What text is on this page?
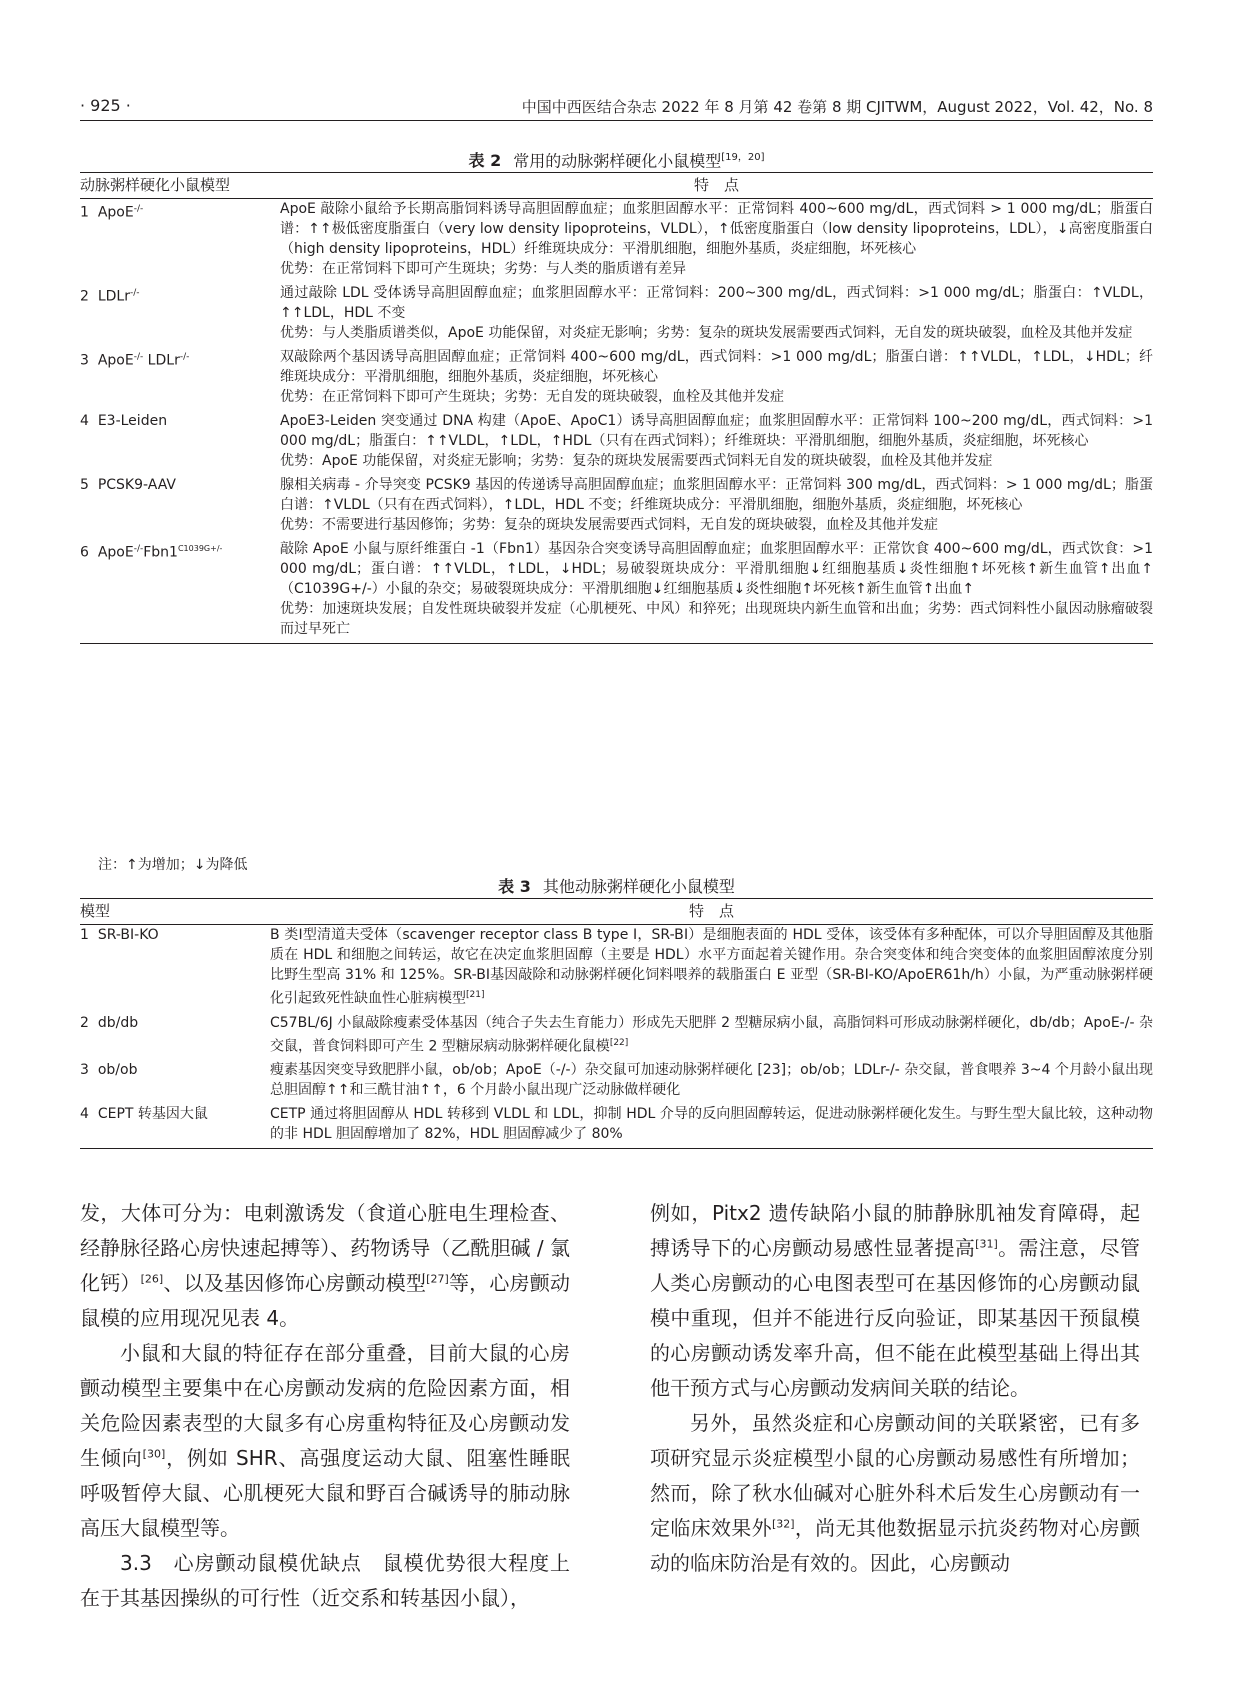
· 925 ·	中国中西医结合杂志 2022 年 8 月第 42 卷第 8 期 CJITWM，August 2022，Vol. 42，No. 8
表 2 常用的动脉粥样硬化小鼠模型[19，20]
动脉粥样硬化小鼠模型	特　点
1 ApoE-/-	ApoE 敲除小鼠给予长期高脂饲料诱导高胆固醇血症；血浆胆固醇水平：正常饲料 400~600 mg/dL，西式饲料 > 1 000 mg/dL；脂蛋白谱：↑↑极低密度脂蛋白（very low density lipoproteins，VLDL），↑低密度脂蛋白（low density lipoproteins，LDL），↓高密度脂蛋白（high density lipoproteins，HDL）纤维斑块成分：平滑肌细胞，细胞外基质，炎症细胞，坏死核心
优势：在正常饲料下即可产生斑块；劣势：与人类的脂质谱有差异

2 LDLr-/-	通过敲除 LDL 受体诱导高胆固醇血症；血浆胆固醇水平：正常饲料：200~300 mg/dL，西式饲料：>1 000 mg/dL；脂蛋白：↑VLDL，↑↑LDL，HDL 不变
优势：与人类脂质谱类似，ApoE 功能保留，对炎症无影响；劣势：复杂的斑块发展需要西式饲料，无自发的斑块破裂，血栓及其他并发症

3 ApoE-/- LDLr-/-	双敲除两个基因诱导高胆固醇血症；正常饲料 400~600 mg/dL，西式饲料：>1 000 mg/dL；脂蛋白谱：↑↑VLDL，↑LDL，↓HDL；纤维斑块成分：平滑肌细胞，细胞外基质，炎症细胞，坏死核心
优势：在正常饲料下即可产生斑块；劣势：无自发的斑块破裂，血栓及其他并发症

4 E3-Leiden	ApoE3-Leiden 突变通过 DNA 构建（ApoE、ApoC1）诱导高胆固醇血症；血浆胆固醇水平：正常饲料 100~200 mg/dL，西式饲料：>1 000 mg/dL；脂蛋白：↑↑VLDL，↑LDL，↑HDL（只有在西式饲料）；纤维斑块：平滑肌细胞，细胞外基质，炎症细胞，坏死核心
优势：ApoE 功能保留，对炎症无影响；劣势：复杂的斑块发展需要西式饲料无自发的斑块破裂，血栓及其他并发症

5 PCSK9-AAV	腺相关病毒 - 介导突变 PCSK9 基因的传递诱导高胆固醇血症；血浆胆固醇水平：正常饲料 300 mg/dL，西式饲料：> 1 000 mg/dL；脂蛋白谱：↑VLDL（只有在西式饲料），↑LDL，HDL 不变；纤维斑块成分：平滑肌细胞，细胞外基质，炎症细胞，坏死核心
优势：不需要进行基因修饰；劣势：复杂的斑块发展需要西式饲料，无自发的斑块破裂，血栓及其他并发症

6 $ApoE^{-/-}Fbn1^{C1039G+/-}$	敲除 ApoE 小鼠与原纤维蛋白 -1（Fbn1）基因杂合突变诱导高胆固醇血症；血浆胆固醇水平：正常饮食 400~600 mg/dL，西式饮食：>1 000 mg/dL；蛋白谱：↑↑VLDL，↑LDL，↓HDL；易破裂斑块成分：平滑肌细胞↓红细胞基质↓炎性细胞↑坏死核↑新生血管↑出血↑（C1039G+/-）小鼠的杂交；易破裂斑块成分：平滑肌细胞↓红细胞基质↓炎性细胞↑坏死核↑新生血管↑出血↑
优势：加速斑块发展；自发性斑块破裂并发症（心肌梗死、中风）和猝死；出现斑块内新生血管和出血；劣势：西式饲料性小鼠因动脉瘤破裂而过早死亡
注：↑为增加；↓为降低
表 3 其他动脉粥样硬化小鼠模型
模型	特　点
1 SR-BI-KO	B 类Ⅰ型清道夫受体（scavenger receptor class B type Ⅰ，SR-BⅠ）是细胞表面的 HDL 受体，该受体有多种配体，可以介导胆固醇及其他脂质在 HDL 和细胞之间转运，故它在决定血浆胆固醇（主要是 HDL）水平方面起着关键作用。杂合突变体和纯合突变体的血浆胆固醇浓度分别比野生型高 31% 和 125%。SR-BⅠ基因敲除和动脉粥样硬化饲料喂养的载脂蛋白 E 亚型（SR-BI-KO/ApoER61h/h）小鼠，为严重动脉粥样硬化引起致死性缺血性心脏病模型[21]

2 db/db	C57BL/6J 小鼠敲除瘦素受体基因（纯合子失去生育能力）形成先天肥胖 2 型糖尿病小鼠，高脂饲料可形成动脉粥样硬化，db/db；ApoE-/- 杂交鼠，普食饲料即可产生 2 型糖尿病动脉粥样硬化鼠模[22]

3 ob/ob	瘦素基因突变导致肥胖小鼠，ob/ob；ApoE（-/-）杂交鼠可加速动脉粥样硬化 [23]；ob/ob；LDLr-/- 杂交鼠，普食喂养 3~4 个月龄小鼠出现总胆固醇↑↑和三酰甘油↑↑，6 个月龄小鼠出现广泛动脉做样硬化

4 CEPT 转基因大鼠	CETP 通过将胆固醇从 HDL 转移到 VLDL 和 LDL，抑制 HDL 介导的反向胆固醇转运，促进动脉粥样硬化发生。与野生型大鼠比较，这种动物的非 HDL 胆固醇增加了 82%，HDL 胆固醇减少了 80%

发，大体可分为：电刺激诱发（食道心脏电生理检查、经静脉径路心房快速起搏等）、药物诱导（乙酰胆碱 / 氯化钙）[26]、以及基因修饰心房颤动模型[27]等，心房颤动鼠模的应用现况见表 4。

小鼠和大鼠的特征存在部分重叠，目前大鼠的心房颤动模型主要集中在心房颤动发病的危险因素方面，相关危险因素表型的大鼠多有心房重构特征及心房颤动发生倾向[30]，例如 SHR、高强度运动大鼠、阻塞性睡眠呼吸暂停大鼠、心肌梗死大鼠和野百合碱诱导的肺动脉高压大鼠模型等。

3.3　心房颤动鼠模优缺点　鼠模优势很大程度上在于其基因操纵的可行性（近交系和转基因小鼠），

例如，Pitx2 遗传缺陷小鼠的肺静脉肌袖发育障碍，起搏诱导下的心房颤动易感性显著提高[31]。需注意，尽管人类心房颤动的心电图表型可在基因修饰的心房颤动鼠模中重现，但并不能进行反向验证，即某基因干预鼠模的心房颤动诱发率升高，但不能在此模型基础上得出其他干预方式与心房颤动发病间关联的结论。

另外，虽然炎症和心房颤动间的关联紧密，已有多项研究显示炎症模型小鼠的心房颤动易感性有所增加；然而，除了秋水仙碱对心脏外科术后发生心房颤动有一定临床效果外[32]，尚无其他数据显示抗炎药物对心房颤动的临床防治是有效的。因此，心房颤动
